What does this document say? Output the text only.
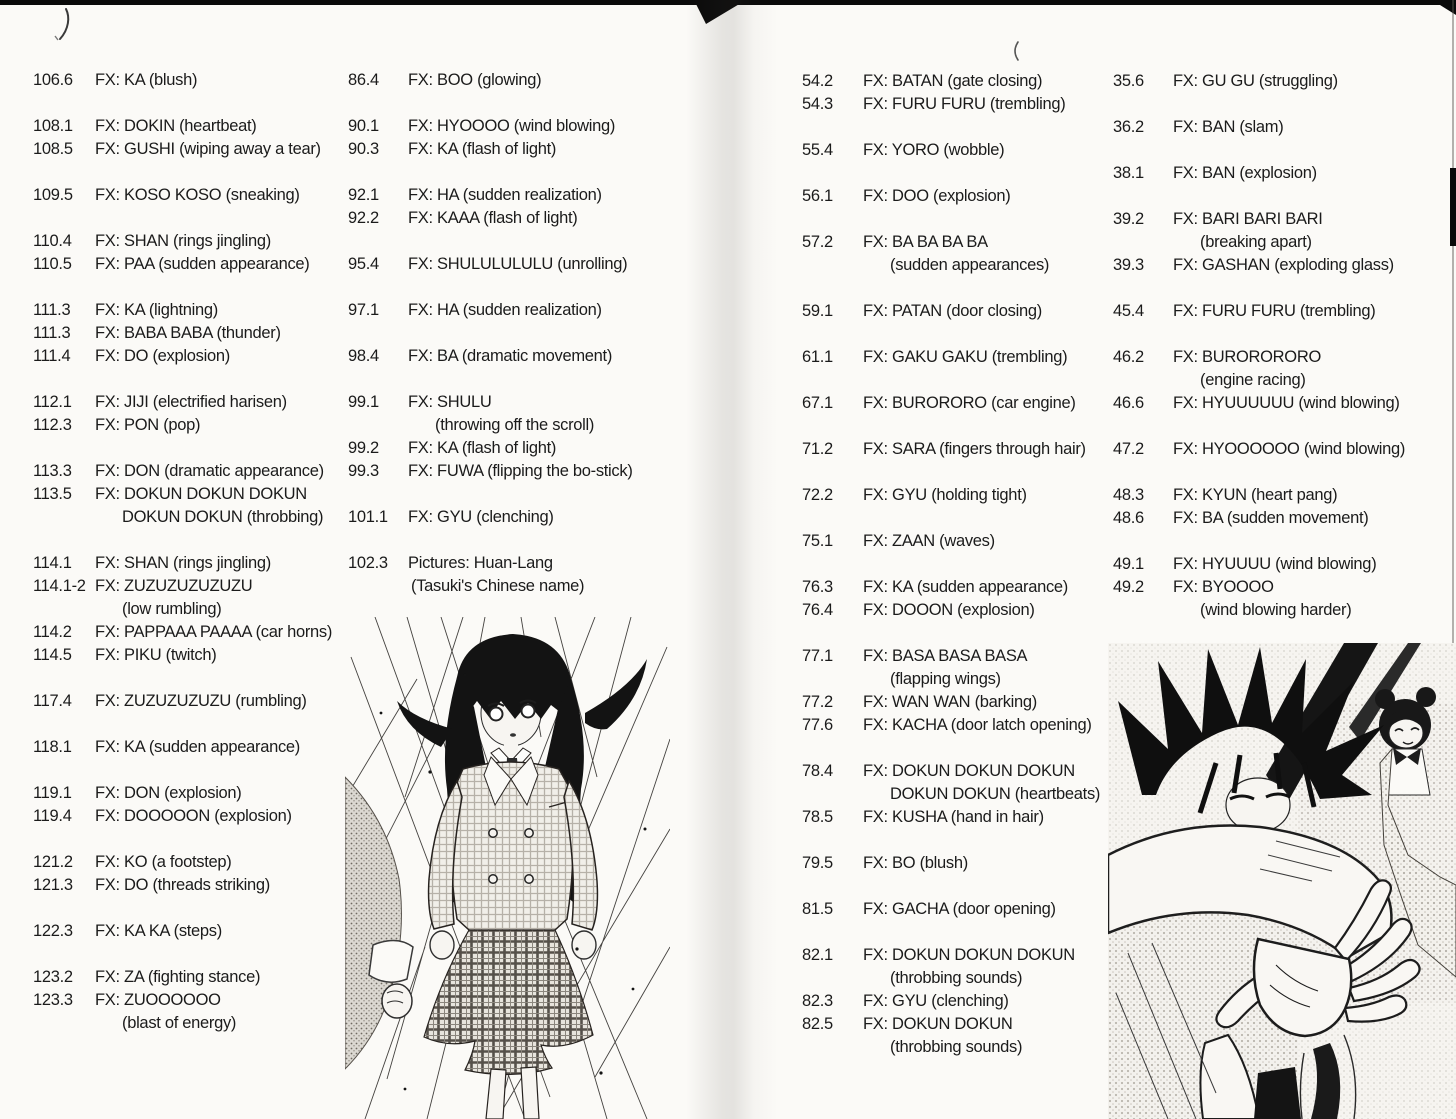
106.6	FX: KA (blush)
108.1	FX: DOKIN (heartbeat)
108.5	FX: GUSHI (wiping away a tear)
109.5	FX: KOSO KOSO (sneaking)
110.4	FX: SHAN (rings jingling)
110.5	FX: PAA (sudden appearance)
111.3	FX: KA (lightning)
111.3	FX: BABA BABA (thunder)
111.4	FX: DO (explosion)
112.1	FX: JIJI (electrified harisen)
112.3	FX: PON (pop)
113.3	FX: DON (dramatic appearance)
113.5	FX: DOKUN DOKUN DOKUN
DOKUN DOKUN (throbbing)
114.1	FX: SHAN (rings jingling)
114.1-2 FX: ZUZUZUZUZUZU
(low rumbling)
114.2	FX: PAPPAAA PAAAA (car horns)
114.5	FX: PIKU (twitch)
117.4	FX: ZUZUZUZUZU (rumbling)
118.1	FX: KA (sudden appearance)
119.1	FX: DON (explosion)
119.4	FX: DOOOOON (explosion)
121.2	FX: KO (a footstep)
121.3	FX: DO (threads striking)
122.3	FX: KA KA (steps)
123.2	FX: ZA (fighting stance)
123.3	FX: ZUOOOOOO
(blast of energy)
86.4	FX: BOO (glowing)
90.1	FX: HYOOOO (wind blowing)
90.3	FX: KA (flash of light)
92.1	FX: HA (sudden realization)
92.2	FX: KAAA (flash of light)
95.4	FX: SHULULULULU (unrolling)
97.1	FX: HA (sudden realization)
98.4	FX: BA (dramatic movement)
99.1	FX: SHULU
(throwing off the scroll)
99.2	FX: KA (flash of light)
99.3	FX: FUWA (flipping the bo-stick)
101.1	FX: GYU (clenching)
102.3	Pictures: Huan-Lang
(Tasuki's Chinese name)
54.2	FX: BATAN (gate closing)
54.3	FX: FURU FURU (trembling)
55.4	FX: YORO (wobble)
56.1	FX: DOO (explosion)
57.2	FX: BA BA BA BA
(sudden appearances)
59.1	FX: PATAN (door closing)
61.1	FX: GAKU GAKU (trembling)
67.1	FX: BURORORO (car engine)
71.2	FX: SARA (fingers through hair)
72.2	FX: GYU (holding tight)
75.1	FX: ZAAN (waves)
76.3	FX: KA (sudden appearance)
76.4	FX: DOOON (explosion)
77.1	FX: BASA BASA BASA
(flapping wings)
77.2	FX: WAN WAN (barking)
77.6	FX: KACHA (door latch opening)
78.4	FX: DOKUN DOKUN DOKUN
DOKUN DOKUN (heartbeats)
78.5	FX: KUSHA (hand in hair)
79.5	FX: BO (blush)
81.5	FX: GACHA (door opening)
82.1	FX: DOKUN DOKUN DOKUN
(throbbing sounds)
82.3	FX: GYU (clenching)
82.5	FX: DOKUN DOKUN
(throbbing sounds)
35.6	FX: GU GU (struggling)
36.2	FX: BAN (slam)
38.1	FX: BAN (explosion)
39.2	FX: BARI BARI BARI
(breaking apart)
39.3	FX: GASHAN (exploding glass)
45.4	FX: FURU FURU (trembling)
46.2	FX: BURORORORO
(engine racing)
46.6	FX: HYUUUUUU (wind blowing)
47.2	FX: HYOOOOOO (wind blowing)
48.3	FX: KYUN (heart pang)
48.6	FX: BA (sudden movement)
49.1	FX: HYUUUU (wind blowing)
49.2	FX: BYOOOO
(wind blowing harder)
